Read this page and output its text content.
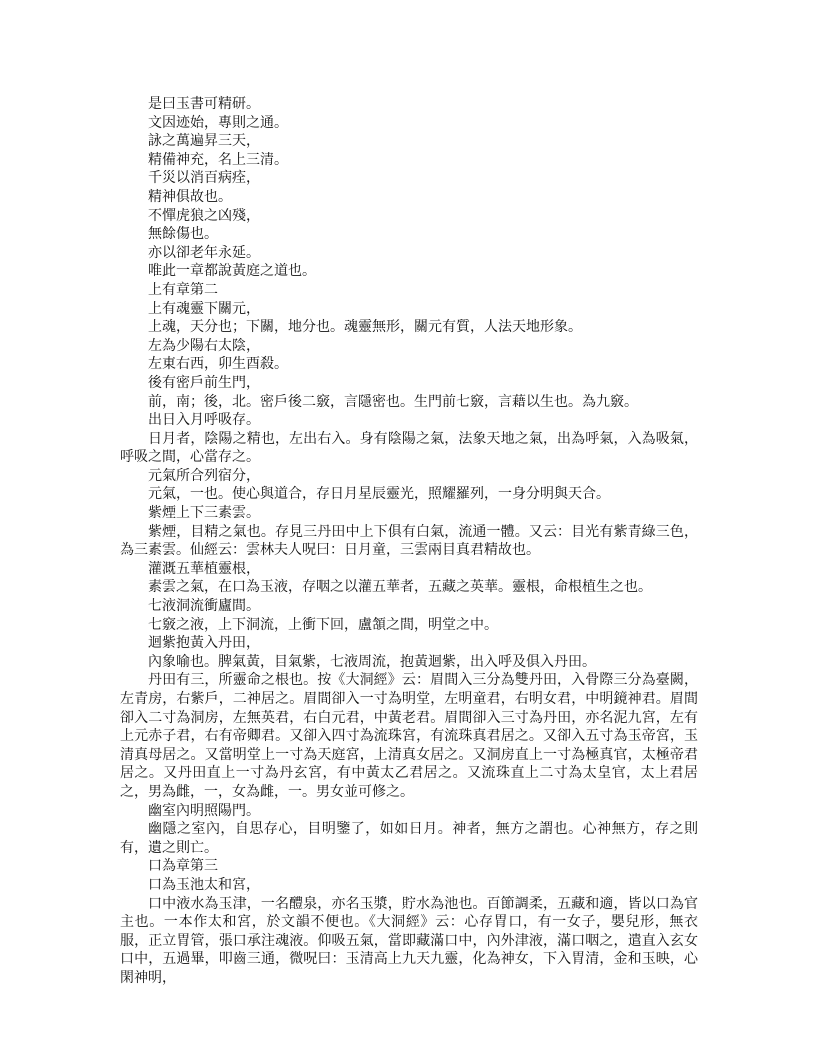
是曰玉書可精研。

文因迹始，專則之通。

詠之萬遍昇三天，

精備神充，名上三清。

千災以消百病痊，

精神俱故也。

不憚虎狼之凶殘，

無餘傷也。

亦以卻老年永延。

唯此一章都說黃庭之道也。

上有章第二

上有魂靈下關元，

上魂，天分也；下關，地分也。魂靈無形，關元有質，人法天地形象。

左為少陽右太陰，

左東右西，卯生酉殺。

後有密戶前生門，

前，南；後，北。密戶後二竅，言隱密也。生門前七竅，言藉以生也。為九竅。

出日入月呼吸存。

日月者，陰陽之精也，左出右入。身有陰陽之氣，法象天地之氣，出為呼氣，入為吸氣，呼吸之間，心當存之。

元氣所合列宿分，

元氣，一也。使心與道合，存日月星辰靈光，照耀羅列，一身分明與天合。

紫煙上下三素雲。

紫煙，目精之氣也。存見三丹田中上下俱有白氣，流通一體。又云：目光有紫青綠三色，為三素雲。仙經云：雲林夫人呪曰：日月童，三雲兩目真君精故也。

灌溉五華植靈根，

素雲之氣，在口為玉液，存咽之以灌五華者，五藏之英華。靈根，命根植生之也。

七液洞流衝廬間。

七竅之液，上下洞流，上衝下回，盧頷之間，明堂之中。

迴紫抱黃入丹田，

內象喻也。脾氣黃，目氣紫，七液周流，抱黃迴紫，出入呼及俱入丹田。

丹田有三，所靈命之根也。按《大洞經》云：眉間入三分為雙丹田，入骨際三分為臺闕，左青房，右紫戶，二神居之。眉間卻入一寸為明堂，左明童君，右明女君，中明鏡神君。眉間卻入二寸為洞房，左無英君，右白元君，中黃老君。眉間卻入三寸為丹田，亦名泥九宮，左有上元赤子君，右有帝卿君。又卻入四寸為流珠宮，有流珠真君居之。又卻入五寸為玉帝宮，玉清真母居之。又當明堂上一寸為天庭宮，上清真女居之。又洞房直上一寸為極真官，太極帝君居之。又丹田直上一寸為丹玄宮，有中黃太乙君居之。又流珠直上二寸為太皇官，太上君居之，男為雌，一，女為雌，一。男女並可修之。

幽室內明照陽門。

幽隱之室內，自思存心，目明鑒了，如如日月。神者，無方之謂也。心神無方，存之則有，遺之則亡。

口為章第三

口為玉池太和宮，

口中液水為玉津，一名醴泉，亦名玉漿，貯水為池也。百節調柔，五藏和適，皆以口為官主也。一本作太和宮，於文韻不便也。《大洞經》云：心存胃口，有一女子，嬰兒形，無衣服，正立胃管，張口承注魂液。仰吸五氣，當即藏滿口中，內外津液，滿口咽之，遣直入玄女口中，五過畢，叩齒三通，微呪曰：玉清高上九天九靈，化為神女，下入胃清，金和玉映，心閑神明，
